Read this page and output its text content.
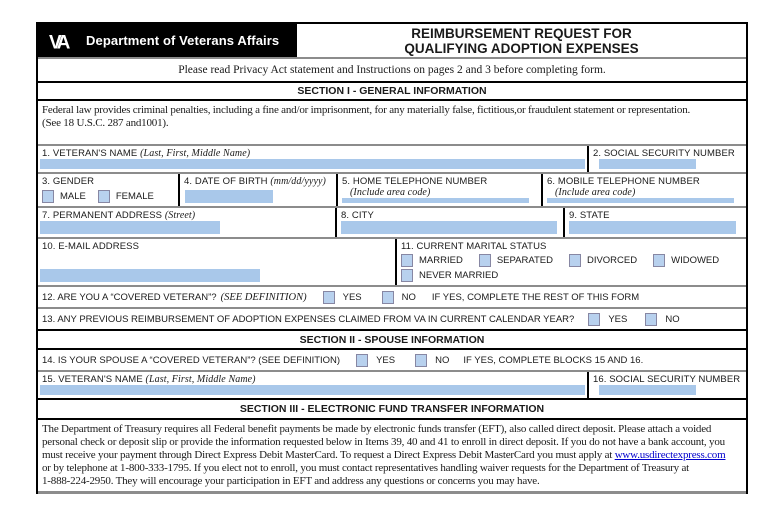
VA	Department of Veterans Affairs	REIMBURSEMENT REQUEST FOR
QUALIFYING ADOPTION EXPENSES
Please read Privacy Act statement and Instructions on pages 2 and 3 before completing form.
SECTION I - GENERAL INFORMATION
Federal law provides criminal penalties, including a fine and/or imprisonment, for any materially false, fictitious,or fraudulent statement or representation.
(See 18 U.S.C. 287 and1001).
1. VETERAN'S NAME (Last, First, Middle Name)	2. SOCIAL SECURITY NUMBER
3. GENDER
MALE	FEMALE
4. DATE OF BIRTH (mm/dd/yyyy)	5. HOME TELEPHONE NUMBER
(Include area code)
6. MOBILE TELEPHONE NUMBER
(Include area code)
7. PERMANENT ADDRESS (Street)	8. CITY	9. STATE
10. E-MAIL ADDRESS	11. CURRENT MARITAL STATUS
MARRIED	SEPARATED	DIVORCED	WIDOWED
NEVER MARRIED
12. ARE YOU A “COVERED VETERAN”? (SEE DEFINITION)	YES	NO IF YES, COMPLETE THE REST OF THIS FORM
13. ANY PREVIOUS REIMBURSEMENT OF ADOPTION EXPENSES CLAIMED FROM VA IN CURRENT CALENDAR YEAR?	YES	NO
SECTION II - SPOUSE INFORMATION
14. IS YOUR SPOUSE A “COVERED VETERAN”? (SEE DEFINITION)	YES	NO IF YES, COMPLETE BLOCKS 15 AND 16.
15. VETERAN'S NAME (Last, First, Middle Name)	16. SOCIAL SECURITY NUMBER
SECTION III - ELECTRONIC FUND TRANSFER INFORMATION
The Department of Treasury requires all Federal benefit payments be made by electronic funds transfer (EFT), also called direct deposit. Please attach a voided
personal check or deposit slip or provide the information requested below in Items 39, 40 and 41 to enroll in direct deposit. If you do not have a bank account, you
must receive your payment through Direct Express Debit MasterCard. To request a Direct Express Debit MasterCard you must apply at www.usdirectexpress.com
or by telephone at 1-800-333-1795. If you elect not to enroll, you must contact representatives handling waiver requests for the Department of Treasury at
1-888-224-2950. They will encourage your participation in EFT and address any questions or concerns you may have.
